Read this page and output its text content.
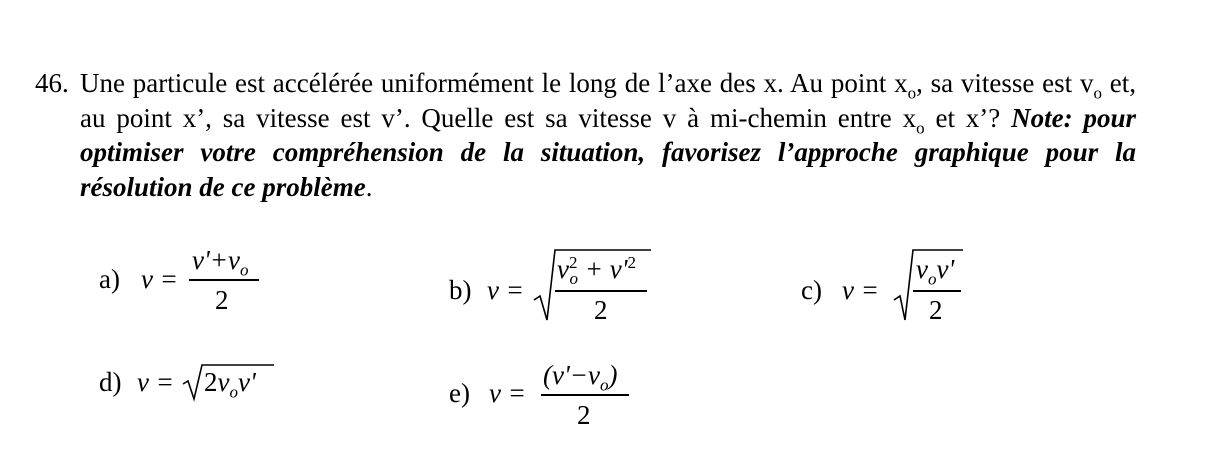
46. Une particule est accélérée uniformément le long de l’axe des x. Au point $x_o$, sa vitesse est $v_o$ et, au point x’, sa vitesse est v’. Quelle est sa vitesse v à mi-chemin entre $x_o$ et x’? Note: pour optimiser votre compréhension de la situation, favorisez l’approche graphique pour la résolution de ce problème.
a) v =
$v'+v_o$
2	b) v =
$v^2_o + v'^2$
2
c) v =
$v_ov'$
2
d) $v = 2v_ov'$	e) v =
$(v'-v_o)$
2
